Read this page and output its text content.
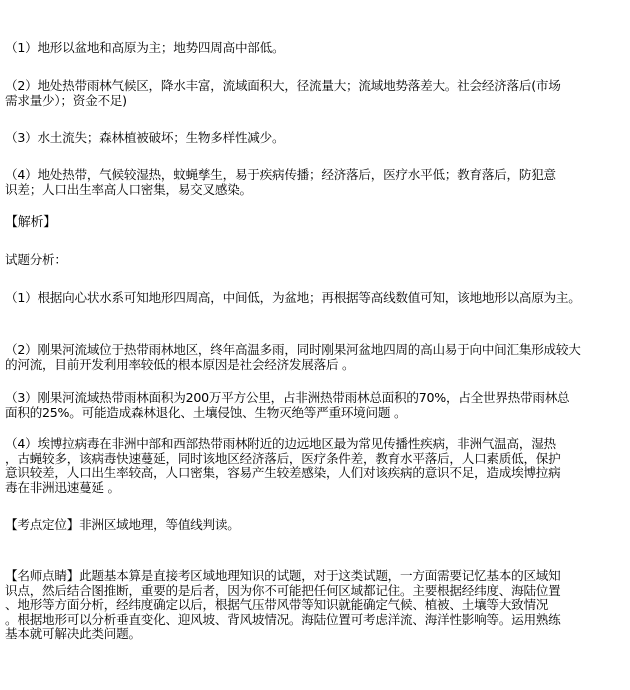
（1）地形以盆地和高原为主；地势四周高中部低。
（2）地处热带雨林气候区，降水丰富，流域面积大，径流量大；流域地势落差大。社会经济落后(市场
需求量少）；资金不足)
（3）水土流失；森林植被破坏；生物多样性减少。
（4）地处热带，气候较湿热，蚊蝇孳生，易于疾病传播；经济落后，医疗水平低；教育落后，防犯意
识差；人口出生率高人口密集，易交叉感染。
【解析】
试题分析：
（1）根据向心状水系可知地形四周高，中间低，为盆地；再根据等高线数值可知，该地地形以高原为主。
（2）刚果河流域位于热带雨林地区，终年高温多雨，同时刚果河盆地四周的高山易于向中间汇集形成较大
的河流，目前开发利用率较低的根本原因是社会经济发展落后 。
（3）刚果河流域热带雨林面积为200万平方公里，占非洲热带雨林总面积的70%，占全世界热带雨林总
面积的25%。可能造成森林退化、土壤侵蚀、生物灭绝等严重环境问题 。
（4）埃博拉病毒在非洲中部和西部热带雨林附近的边远地区最为常见传播性疾病，非洲气温高，湿热
，古蝇较多，该病毒快速蔓延，同时该地区经济落后，医疗条件差，教育水平落后，人口素质低，保护
意识较差，人口出生率较高，人口密集，容易产生较差感染，人们对该疾病的意识不足，造成埃博拉病
毒在非洲迅速蔓延 。
【考点定位】非洲区域地理，等值线判读。
【名师点睛】此题基本算是直接考区域地理知识的试题，对于这类试题，一方面需要记忆基本的区域知
识点，然后结合图推断，重要的是后者，因为你不可能把任何区域都记住。主要根据经纬度、海陆位置
、地形等方面分析，经纬度确定以后，根据气压带风带等知识就能确定气候、植被、土壤等大致情况
。根据地形可以分析垂直变化、迎风坡、背风坡情况。海陆位置可考虑洋流、海洋性影响等。运用熟练
基本就可解决此类问题。
